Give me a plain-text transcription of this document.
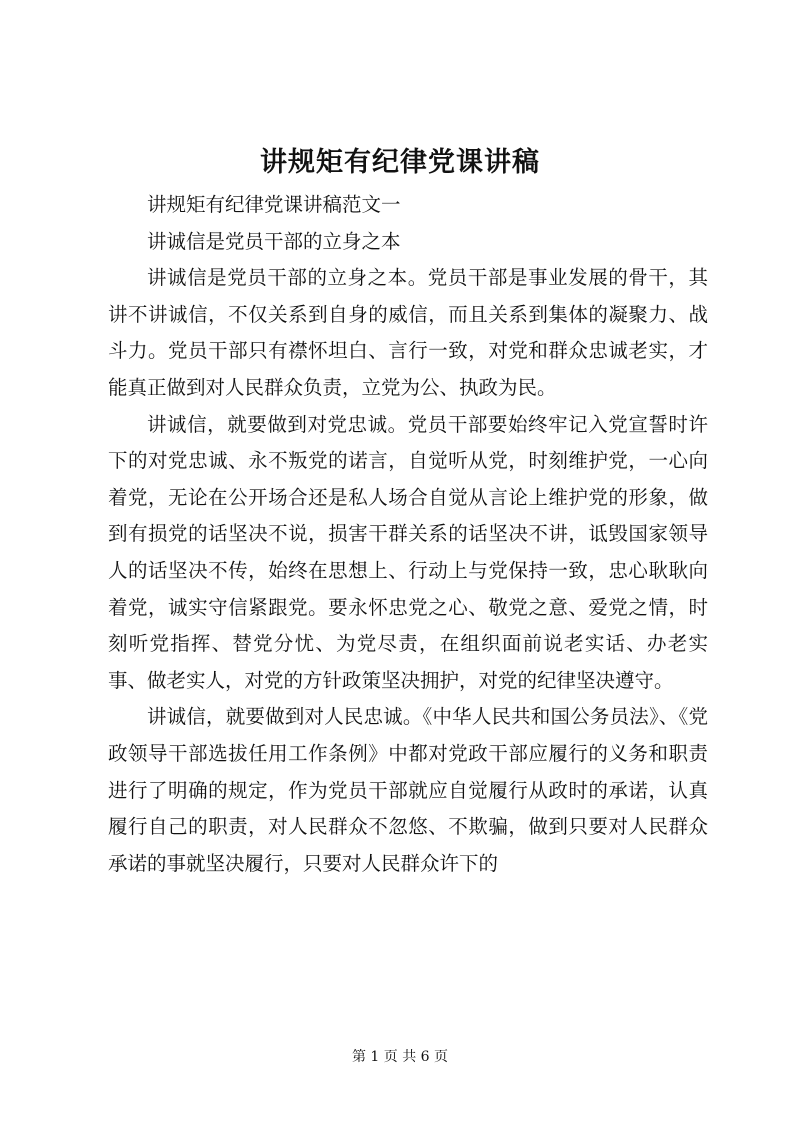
讲规矩有纪律党课讲稿

讲规矩有纪律党课讲稿范文一

讲诚信是党员干部的立身之本

讲诚信是党员干部的立身之本。党员干部是事业发展的骨干，其讲不讲诚信，不仅关系到自身的威信，而且关系到集体的凝聚力、战斗力。党员干部只有襟怀坦白、言行一致，对党和群众忠诚老实，才能真正做到对人民群众负责，立党为公、执政为民。

讲诚信，就要做到对党忠诚。党员干部要始终牢记入党宣誓时许下的对党忠诚、永不叛党的诺言，自觉听从党，时刻维护党，一心向着党，无论在公开场合还是私人场合自觉从言论上维护党的形象，做到有损党的话坚决不说，损害干群关系的话坚决不讲，诋毁国家领导人的话坚决不传，始终在思想上、行动上与党保持一致，忠心耿耿向着党，诚实守信紧跟党。要永怀忠党之心、敬党之意、爱党之情，时刻听党指挥、替党分忧、为党尽责，在组织面前说老实话、办老实事、做老实人，对党的方针政策坚决拥护，对党的纪律坚决遵守。

讲诚信，就要做到对人民忠诚。《中华人民共和国公务员法》、《党政领导干部选拔任用工作条例》中都对党政干部应履行的义务和职责进行了明确的规定，作为党员干部就应自觉履行从政时的承诺，认真履行自己的职责，对人民群众不忽悠、不欺骗，做到只要对人民群众承诺的事就坚决履行，只要对人民群众许下的

第 1 页 共 6 页
